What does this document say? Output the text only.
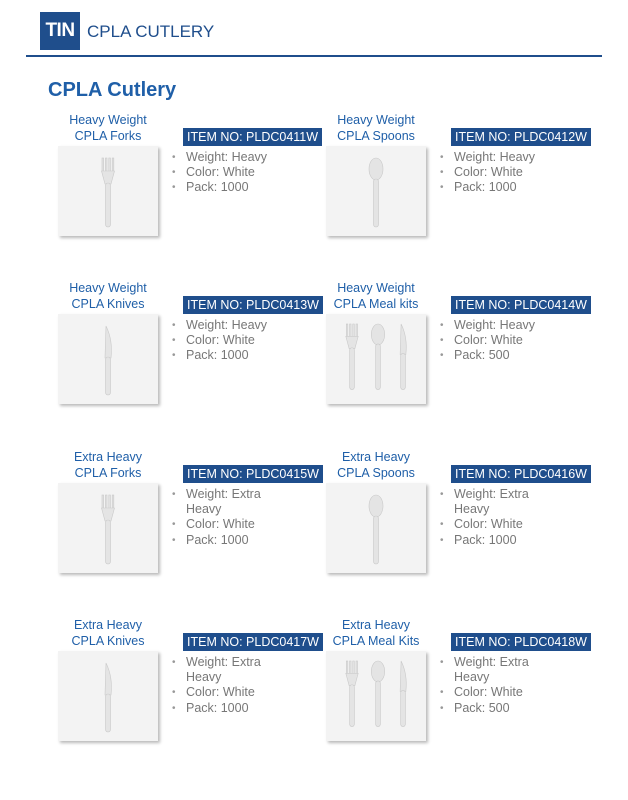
TIN CPLA CUTLERY
CPLA Cutlery
Heavy Weight
CPLA Forks	ITEM NO: PLDC0411W
• Weight: Heavy
• Color: White
• Pack: 1000
Heavy Weight
CPLA Spoons	ITEM NO: PLDC0412W
• Weight: Heavy
• Color: White
• Pack: 1000
Heavy Weight
CPLA Knives	ITEM NO: PLDC0413W
• Weight: Heavy
• Color: White
• Pack: 1000
Heavy Weight
CPLA Meal kits	ITEM NO: PLDC0414W
• Weight: Heavy
• Color: White
• Pack: 500
Extra Heavy
CPLA Forks	ITEM NO: PLDC0415W
• Weight: Extra Heavy
• Color: White
• Pack: 1000
Extra Heavy
CPLA Spoons	ITEM NO: PLDC0416W
• Weight: Extra Heavy
• Color: White
• Pack: 1000
Extra Heavy
CPLA Knives	ITEM NO: PLDC0417W
• Weight: Extra Heavy
• Color: White
• Pack: 1000
Extra Heavy
CPLA Meal Kits	ITEM NO: PLDC0418W
• Weight: Extra Heavy
• Color: White
• Pack: 500
